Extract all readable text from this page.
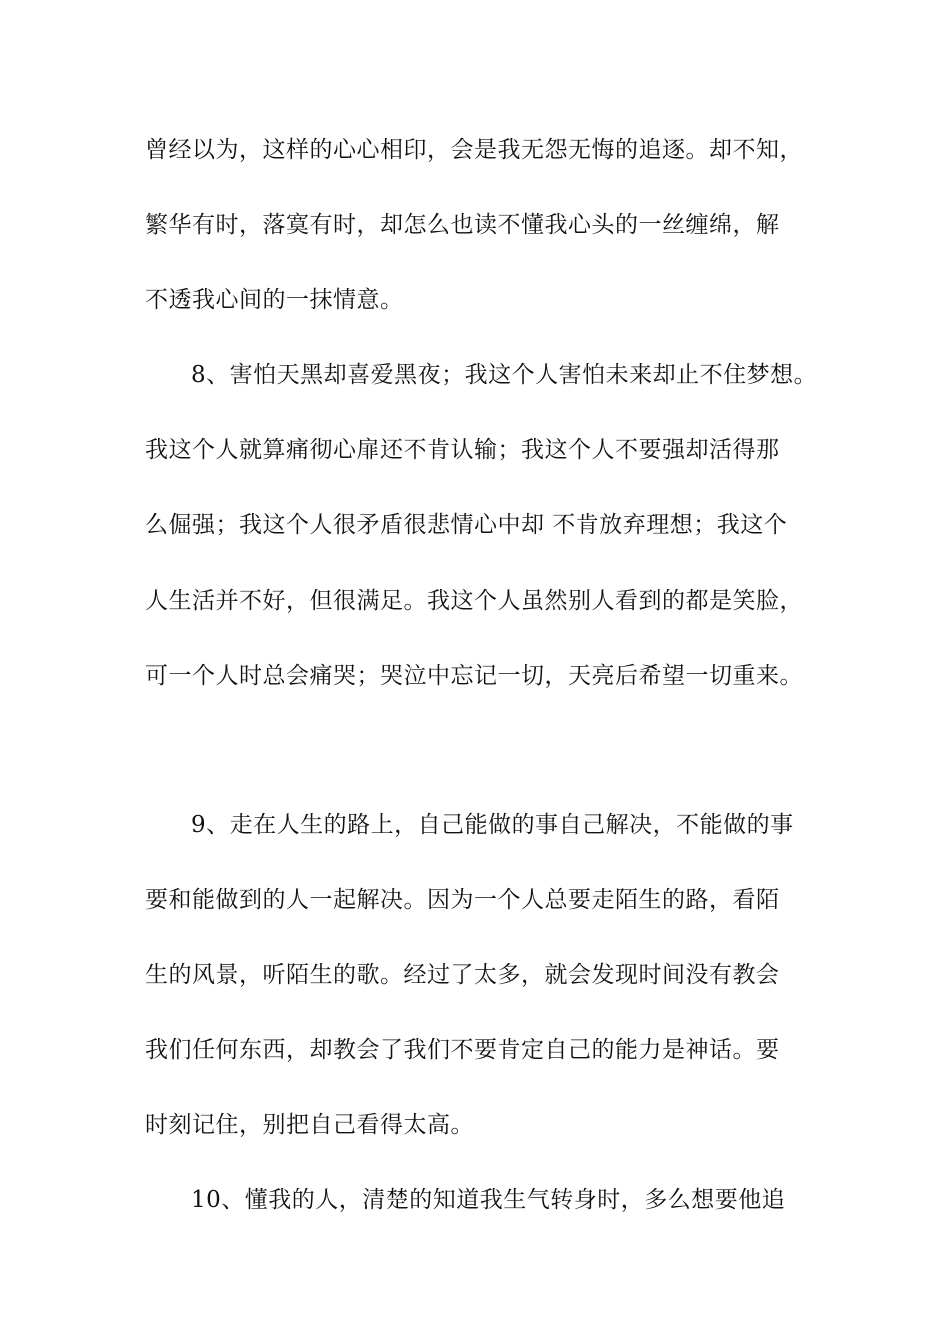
曾经以为，这样的心心相印，会是我无怨无悔的追逐。却不知，
繁华有时，落寞有时，却怎么也读不懂我心头的一丝缠绵，解
不透我心间的一抹情意。
8、害怕天黑却喜爱黑夜；我这个人害怕未来却止不住梦想。
我这个人就算痛彻心扉还不肯认输；我这个人不要强却活得那
么倔强；我这个人很矛盾很悲情心中却 不肯放弃理想；我这个
人生活并不好，但很满足。我这个人虽然别人看到的都是笑脸，
可一个人时总会痛哭；哭泣中忘记一切，天亮后希望一切重来。
9、走在人生的路上，自己能做的事自己解决，不能做的事
要和能做到的人一起解决。因为一个人总要走陌生的路，看陌
生的风景，听陌生的歌。经过了太多，就会发现时间没有教会
我们任何东西，却教会了我们不要肯定自己的能力是神话。要
时刻记住，别把自己看得太高。
10、懂我的人，清楚的知道我生气转身时，多么想要他追
